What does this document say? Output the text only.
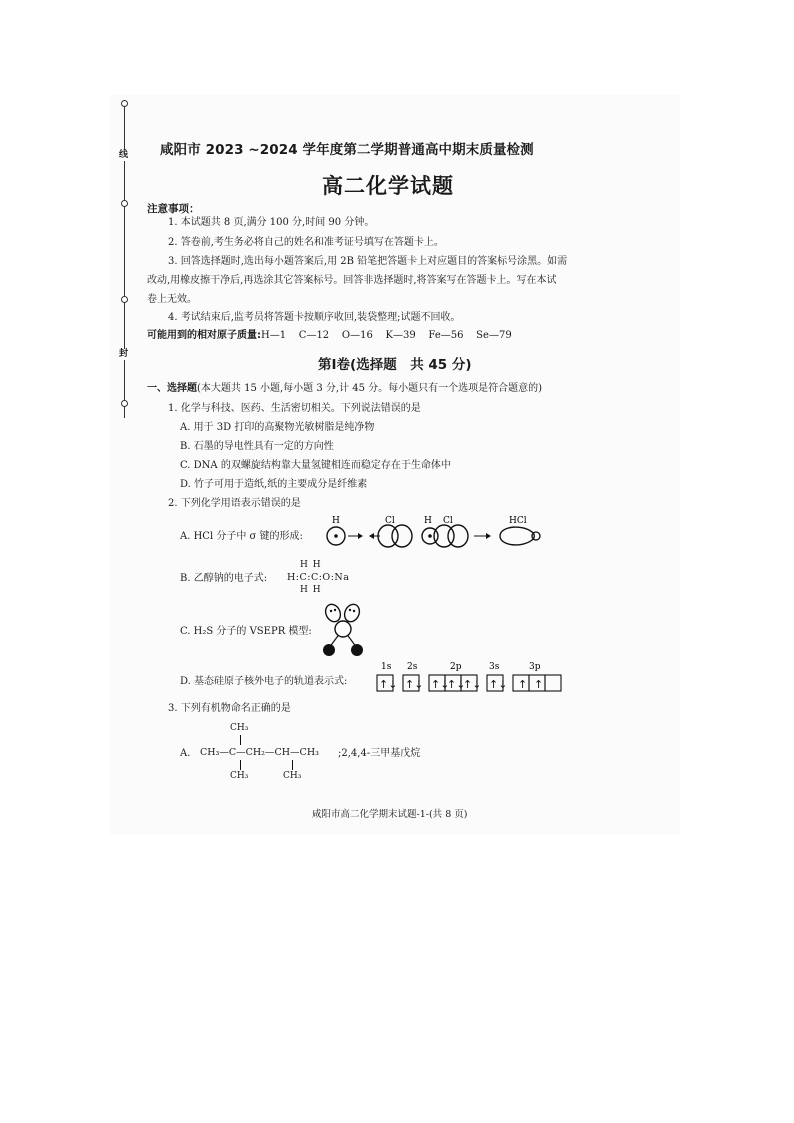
线
封
咸阳市 2023 ~2024 学年度第二学期普通高中期末质量检测
高二化学试题
注意事项：
1. 本试题共 8 页,满分 100 分,时间 90 分钟。
2. 答卷前,考生务必将自己的姓名和准考证号填写在答题卡上。
3. 回答选择题时,选出每小题答案后,用 2B 铅笔把答题卡上对应题目的答案标号涂黑。如需
改动,用橡皮擦干净后,再选涂其它答案标号。回答非选择题时,将答案写在答题卡上。写在本试
卷上无效。
4. 考试结束后,监考员将答题卡按顺序收回,装袋整理;试题不回收。
可能用到的相对原子质量:H—1    C—12    O—16    K—39    Fe—56    Se—79
第Ⅰ卷(选择题　共 45 分)
一、选择题(本大题共 15 小题,每小题 3 分,计 45 分。每小题只有一个选项是符合题意的)
1. 化学与科技、医药、生活密切相关。下列说法错误的是
A. 用于 3D 打印的高聚物光敏树脂是纯净物
B. 石墨的导电性具有一定的方向性
C. DNA 的双螺旋结构靠大量氢键相连而稳定存在于生命体中
D. 竹子可用于造纸,纸的主要成分是纤维素
2. 下列化学用语表示错误的是
A. HCl 分子中 σ 键的形成:
H	Cl	H Cl	HCl
B. 乙醇钠的电子式:
H H
H:C:C:O:Na
H H
C. H₂S 分子的 VSEPR 模型:
D. 基态硅原子核外电子的轨道表示式:
1s 2s	2p	3s	3p
↑↓ ↑↓ ↑↓
↑↓
↑↓ ↑↓ ↑ ↑
3. 下列有机物命名正确的是
A.
CH₃
CH₃—C—CH₂—CH—CH₃
CH₃	CH₃
;2,4,4-三甲基戊烷
咸阳市高二化学期末试题-1-(共 8 页)
